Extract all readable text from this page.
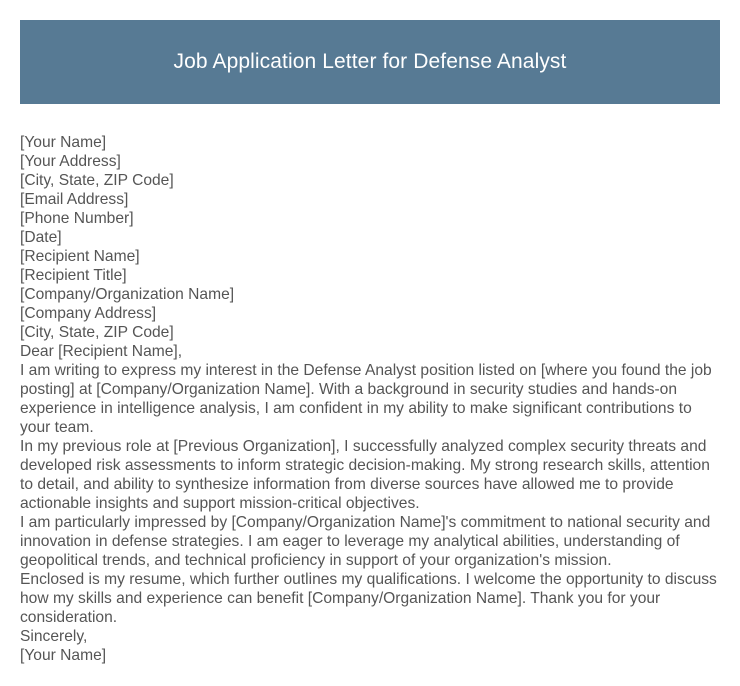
Job Application Letter for Defense Analyst
[Your Name]
[Your Address]
[City, State, ZIP Code]
[Email Address]
[Phone Number]
[Date]
[Recipient Name]
[Recipient Title]
[Company/Organization Name]
[Company Address]
[City, State, ZIP Code]
Dear [Recipient Name],

I am writing to express my interest in the Defense Analyst position listed on [where you found the job posting] at [Company/Organization Name]. With a background in security studies and hands-on experience in intelligence analysis, I am confident in my ability to make significant contributions to your team.

In my previous role at [Previous Organization], I successfully analyzed complex security threats and developed risk assessments to inform strategic decision-making. My strong research skills, attention to detail, and ability to synthesize information from diverse sources have allowed me to provide actionable insights and support mission-critical objectives.

I am particularly impressed by [Company/Organization Name]'s commitment to national security and innovation in defense strategies. I am eager to leverage my analytical abilities, understanding of geopolitical trends, and technical proficiency in support of your organization's mission.

Enclosed is my resume, which further outlines my qualifications. I welcome the opportunity to discuss how my skills and experience can benefit [Company/Organization Name]. Thank you for your consideration.

Sincerely,
[Your Name]
